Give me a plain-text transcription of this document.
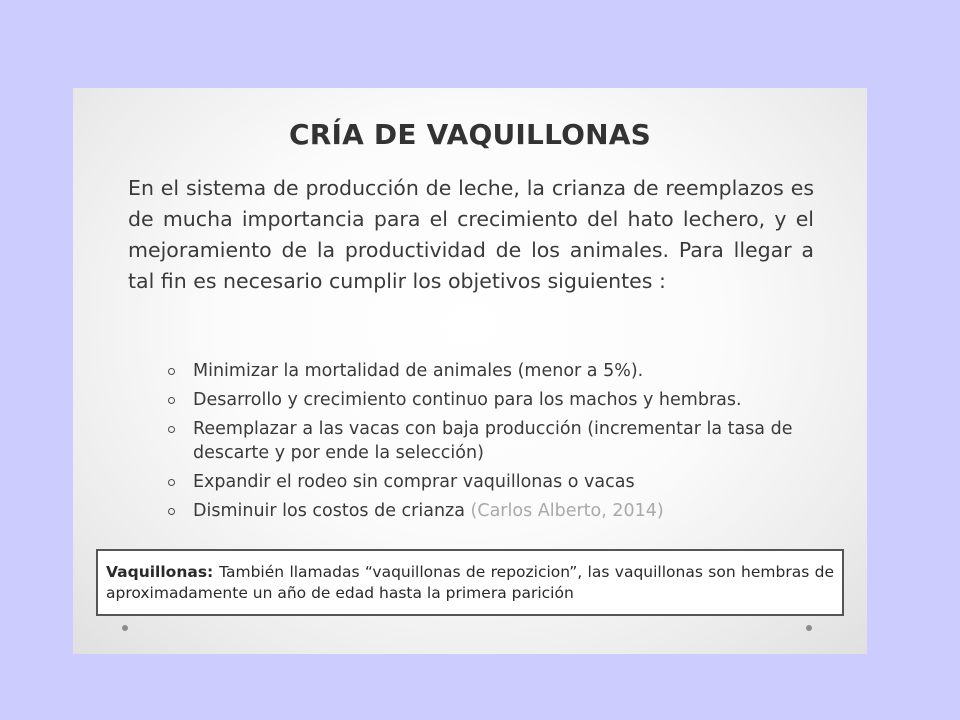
CRÍA DE VAQUILLONAS

En el sistema de producción de leche, la crianza de reemplazos es de mucha importancia para el crecimiento del hato lechero, y el mejoramiento de la productividad de los animales. Para llegar a tal fin es necesario cumplir los objetivos siguientes :

Minimizar la mortalidad de animales (menor a 5%).
Desarrollo y crecimiento continuo para los machos y hembras.
Reemplazar a las vacas con baja producción (incrementar la tasa de descarte y por ende la selección)
Expandir el rodeo sin comprar vaquillonas o vacas
Disminuir los costos de crianza (Carlos Alberto, 2014)
Vaquillonas: También llamadas “vaquillonas de repozicion”, las vaquillonas son hembras de aproximadamente un año de edad hasta la primera parición
